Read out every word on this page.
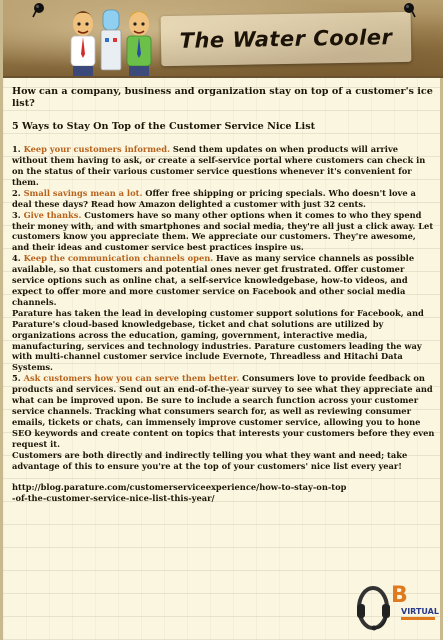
The Water Cooler

How can a company, business and organization stay on top of a customer's ice list?

5 Ways to Stay On Top of the Customer Service Nice List

1. Keep your customers informed. Send them updates on when products will arrive without them having to ask, or create a self-service portal where customers can check in on the status of their various customer service questions whenever it's convenient for them.

2. Small savings mean a lot. Offer free shipping or pricing specials. Who doesn't love a deal these days? Read how Amazon delighted a customer with just 32 cents.

3. Give thanks. Customers have so many other options when it comes to who they spend their money with, and with smartphones and social media, they're all just a click away. Let customers know you appreciate them. We appreciate our customers. They're awesome, and their ideas and customer service best practices inspire us.

4. Keep the communication channels open. Have as many service channels as possible available, so that customers and potential ones never get frustrated. Offer customer service options such as online chat, a self-service knowledgebase, how-to videos, and expect to offer more and more customer service on Facebook and other social media channels.

Parature has taken the lead in developing customer support solutions for Facebook, and Parature's cloud-based knowledgebase, ticket and chat solutions are utilized by organizations across the education, gaming, government, interactive media, manufacturing, services and technology industries. Parature customers leading the way with multi-channel customer service include Evernote, Threadless and Hitachi Data Systems.

5. Ask customers how you can serve them better. Consumers love to provide feedback on products and services. Send out an end-of-the-year survey to see what they appreciate and what can be improved upon. Be sure to include a search function across your customer service channels. Tracking what consumers search for, as well as reviewing consumer emails, tickets or chats, can immensely improve customer service, allowing you to hone SEO keywords and create content on topics that interests your customers before they even request it.

Customers are both directly and indirectly telling you what they want and need; take advantage of this to ensure you're at the top of your customers' nice list every year!

http://blog.parature.com/customerserviceexperience/how-to-stay-on-top-of-the-customer-service-nice-list-this-year/

B
VIRTUAL
